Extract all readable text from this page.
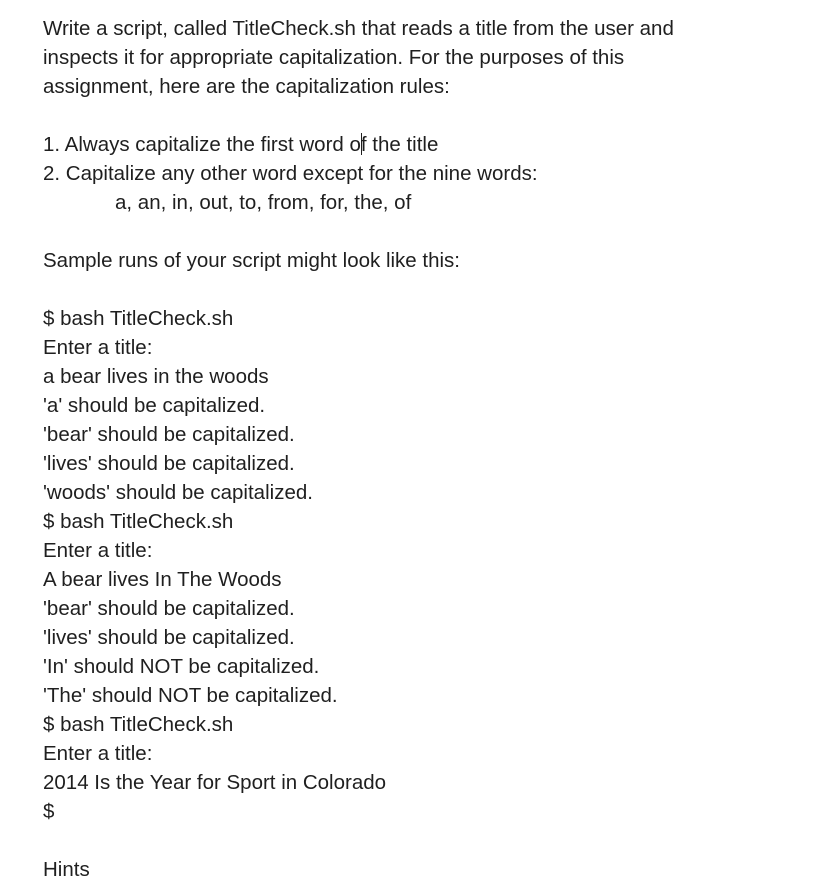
Write a script, called TitleCheck.sh that reads a title from the user and
inspects it for appropriate capitalization. For the purposes of this
assignment, here are the capitalization rules:
1. Always capitalize the first word of the title
2. Capitalize any other word except for the nine words:
a, an, in, out, to, from, for, the, of
Sample runs of your script might look like this:
$ bash TitleCheck.sh
Enter a title:
a bear lives in the woods
'a' should be capitalized.
'bear' should be capitalized.
'lives' should be capitalized.
'woods' should be capitalized.
$ bash TitleCheck.sh
Enter a title:
A bear lives In The Woods
'bear' should be capitalized.
'lives' should be capitalized.
'In' should NOT be capitalized.
'The' should NOT be capitalized.
$ bash TitleCheck.sh
Enter a title:
2014 Is the Year for Sport in Colorado
$
Hints
